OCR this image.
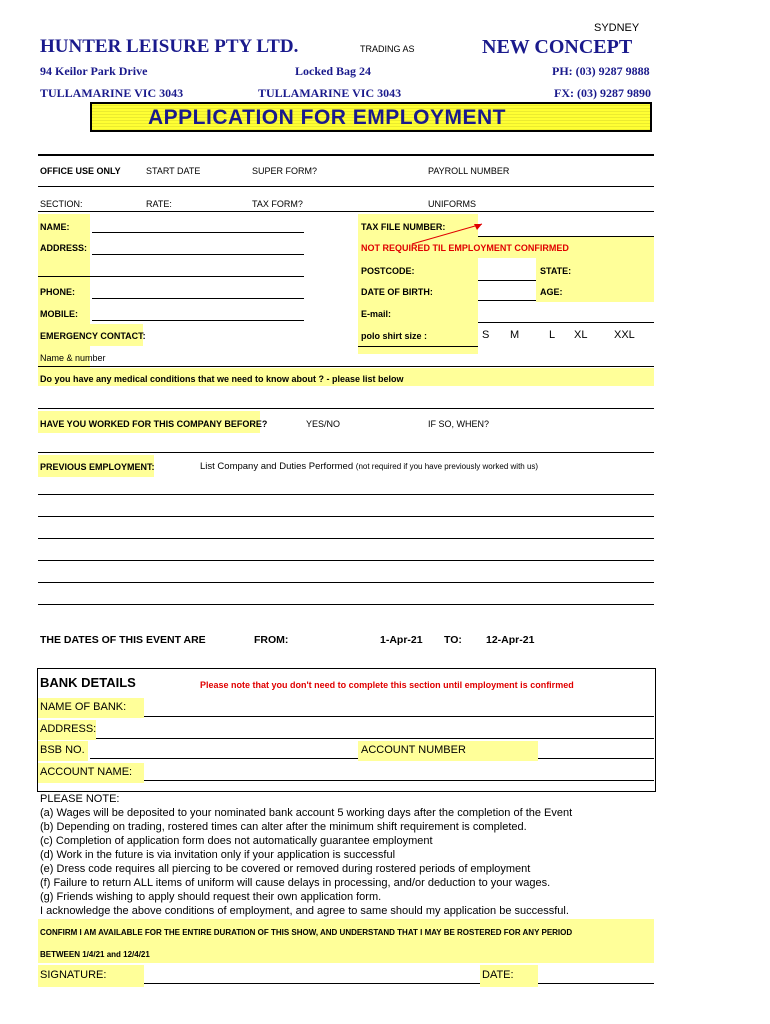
SYDNEY
HUNTER LEISURE PTY LTD.	TRADING AS	NEW CONCEPT
94 Keilor Park Drive	Locked Bag 24	PH: (03) 9287 9888
TULLAMARINE VIC 3043	TULLAMARINE VIC 3043	FX: (03) 9287 9890
APPLICATION FOR EMPLOYMENT
OFFICE USE ONLY	START DATE	SUPER FORM?	PAYROLL NUMBER
SECTION:	RATE:	TAX FORM?	UNIFORMS
NAME:	TAX FILE NUMBER:
ADDRESS:	NOT REQUIRED TIL EMPLOYMENT CONFIRMED
POSTCODE:	STATE:
PHONE:	DATE OF BIRTH:	AGE:
MOBILE:	E-mail:
EMERGENCY CONTACT:	polo shirt size :	S M	L XL XXL
Name & number
Do you have any medical conditions that we need to know about ? - please list below
HAVE YOU WORKED FOR THIS COMPANY BEFORE?	YES/NO	IF SO, WHEN?
PREVIOUS EMPLOYMENT:	List Company and Duties Performed (not required if you have previously worked with us)
THE DATES OF THIS EVENT ARE	FROM:	1-Apr-21 TO: 12-Apr-21
BANK DETAILS	Please note that you don't need to complete this section until employment is confirmed
NAME OF BANK:
ADDRESS:
BSB NO.	ACCOUNT NUMBER
ACCOUNT NAME:
PLEASE NOTE:
(a) Wages will be deposited to your nominated bank account 5 working days after the completion of the Event
(b) Depending on trading, rostered times can alter after the minimum shift requirement is completed.
(c) Completion of application form does not automatically guarantee employment
(d) Work in the future is via invitation only if your application is successful
(e) Dress code requires all piercing to be covered or removed during rostered periods of employment
(f) Failure to return ALL items of uniform will cause delays in processing, and/or deduction to your wages.
(g) Friends wishing to apply should request their own application form.
I acknowledge the above conditions of employment, and agree to same should my application be successful.
CONFIRM I AM AVAILABLE FOR THE ENTIRE DURATION OF THIS SHOW, AND UNDERSTAND THAT I MAY BE ROSTERED FOR ANY PERIOD
BETWEEN 1/4/21 and 12/4/21
SIGNATURE:	DATE:
